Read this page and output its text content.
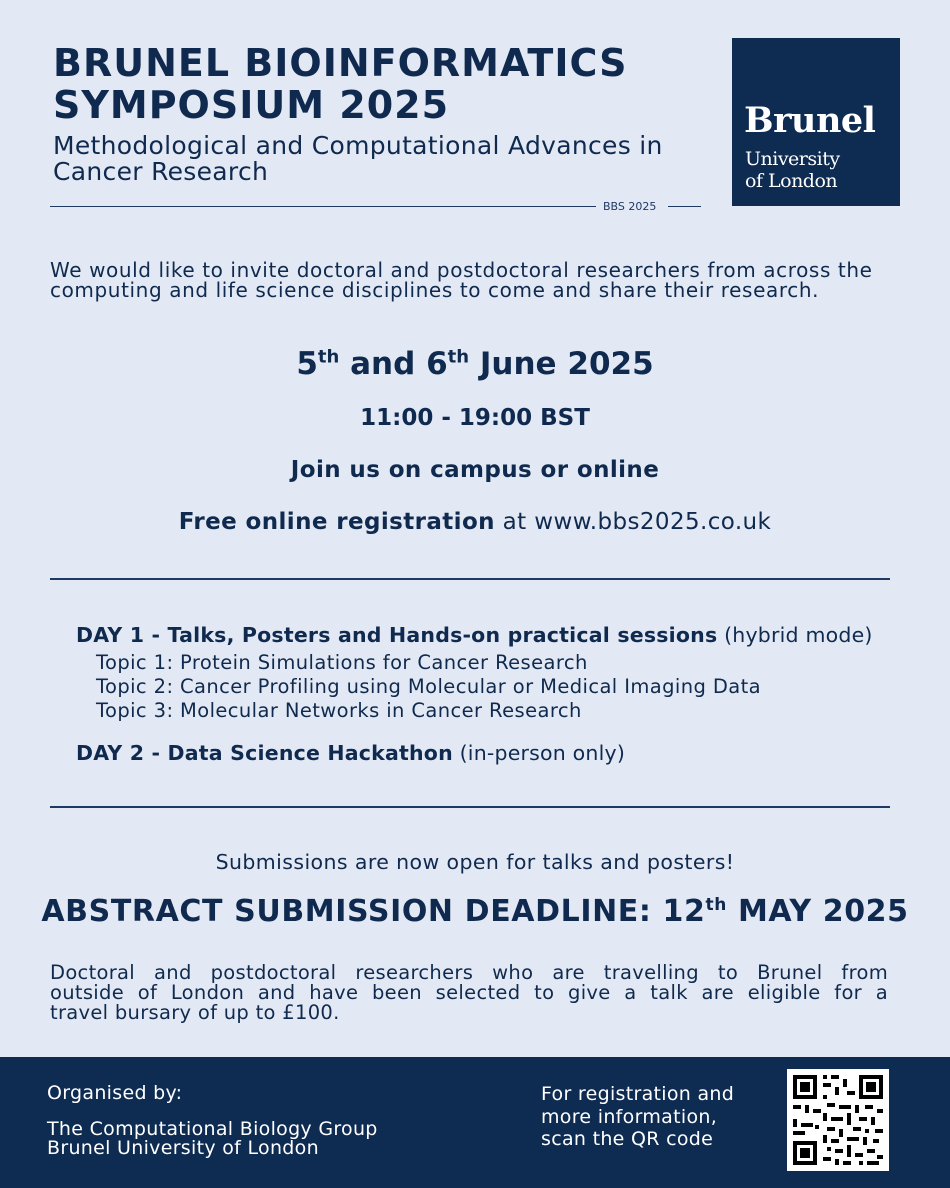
BRUNEL BIOINFORMATICS
SYMPOSIUM 2025
Methodological and Computational Advances in
Cancer Research
BBS 2025
Brunel
University
of London
We would like to invite doctoral and postdoctoral researchers from across the
computing and life science disciplines to come and share their research.
5th and 6th June 2025
11:00 - 19:00 BST
Join us on campus or online
Free online registration at www.bbs2025.co.uk
DAY 1 - Talks, Posters and Hands-on practical sessions (hybrid mode)
Topic 1: Protein Simulations for Cancer Research
Topic 2: Cancer Profiling using Molecular or Medical Imaging Data
Topic 3: Molecular Networks in Cancer Research
DAY 2 - Data Science Hackathon (in-person only)
Submissions are now open for talks and posters!
ABSTRACT SUBMISSION DEADLINE: 12th MAY 2025
Doctoral and postdoctoral researchers who are travelling to Brunel from
outside of London and have been selected to give a talk are eligible for a
travel bursary of up to £100.
Organised by:
The Computational Biology Group
Brunel University of London
For registration and
more information,
scan the QR code
